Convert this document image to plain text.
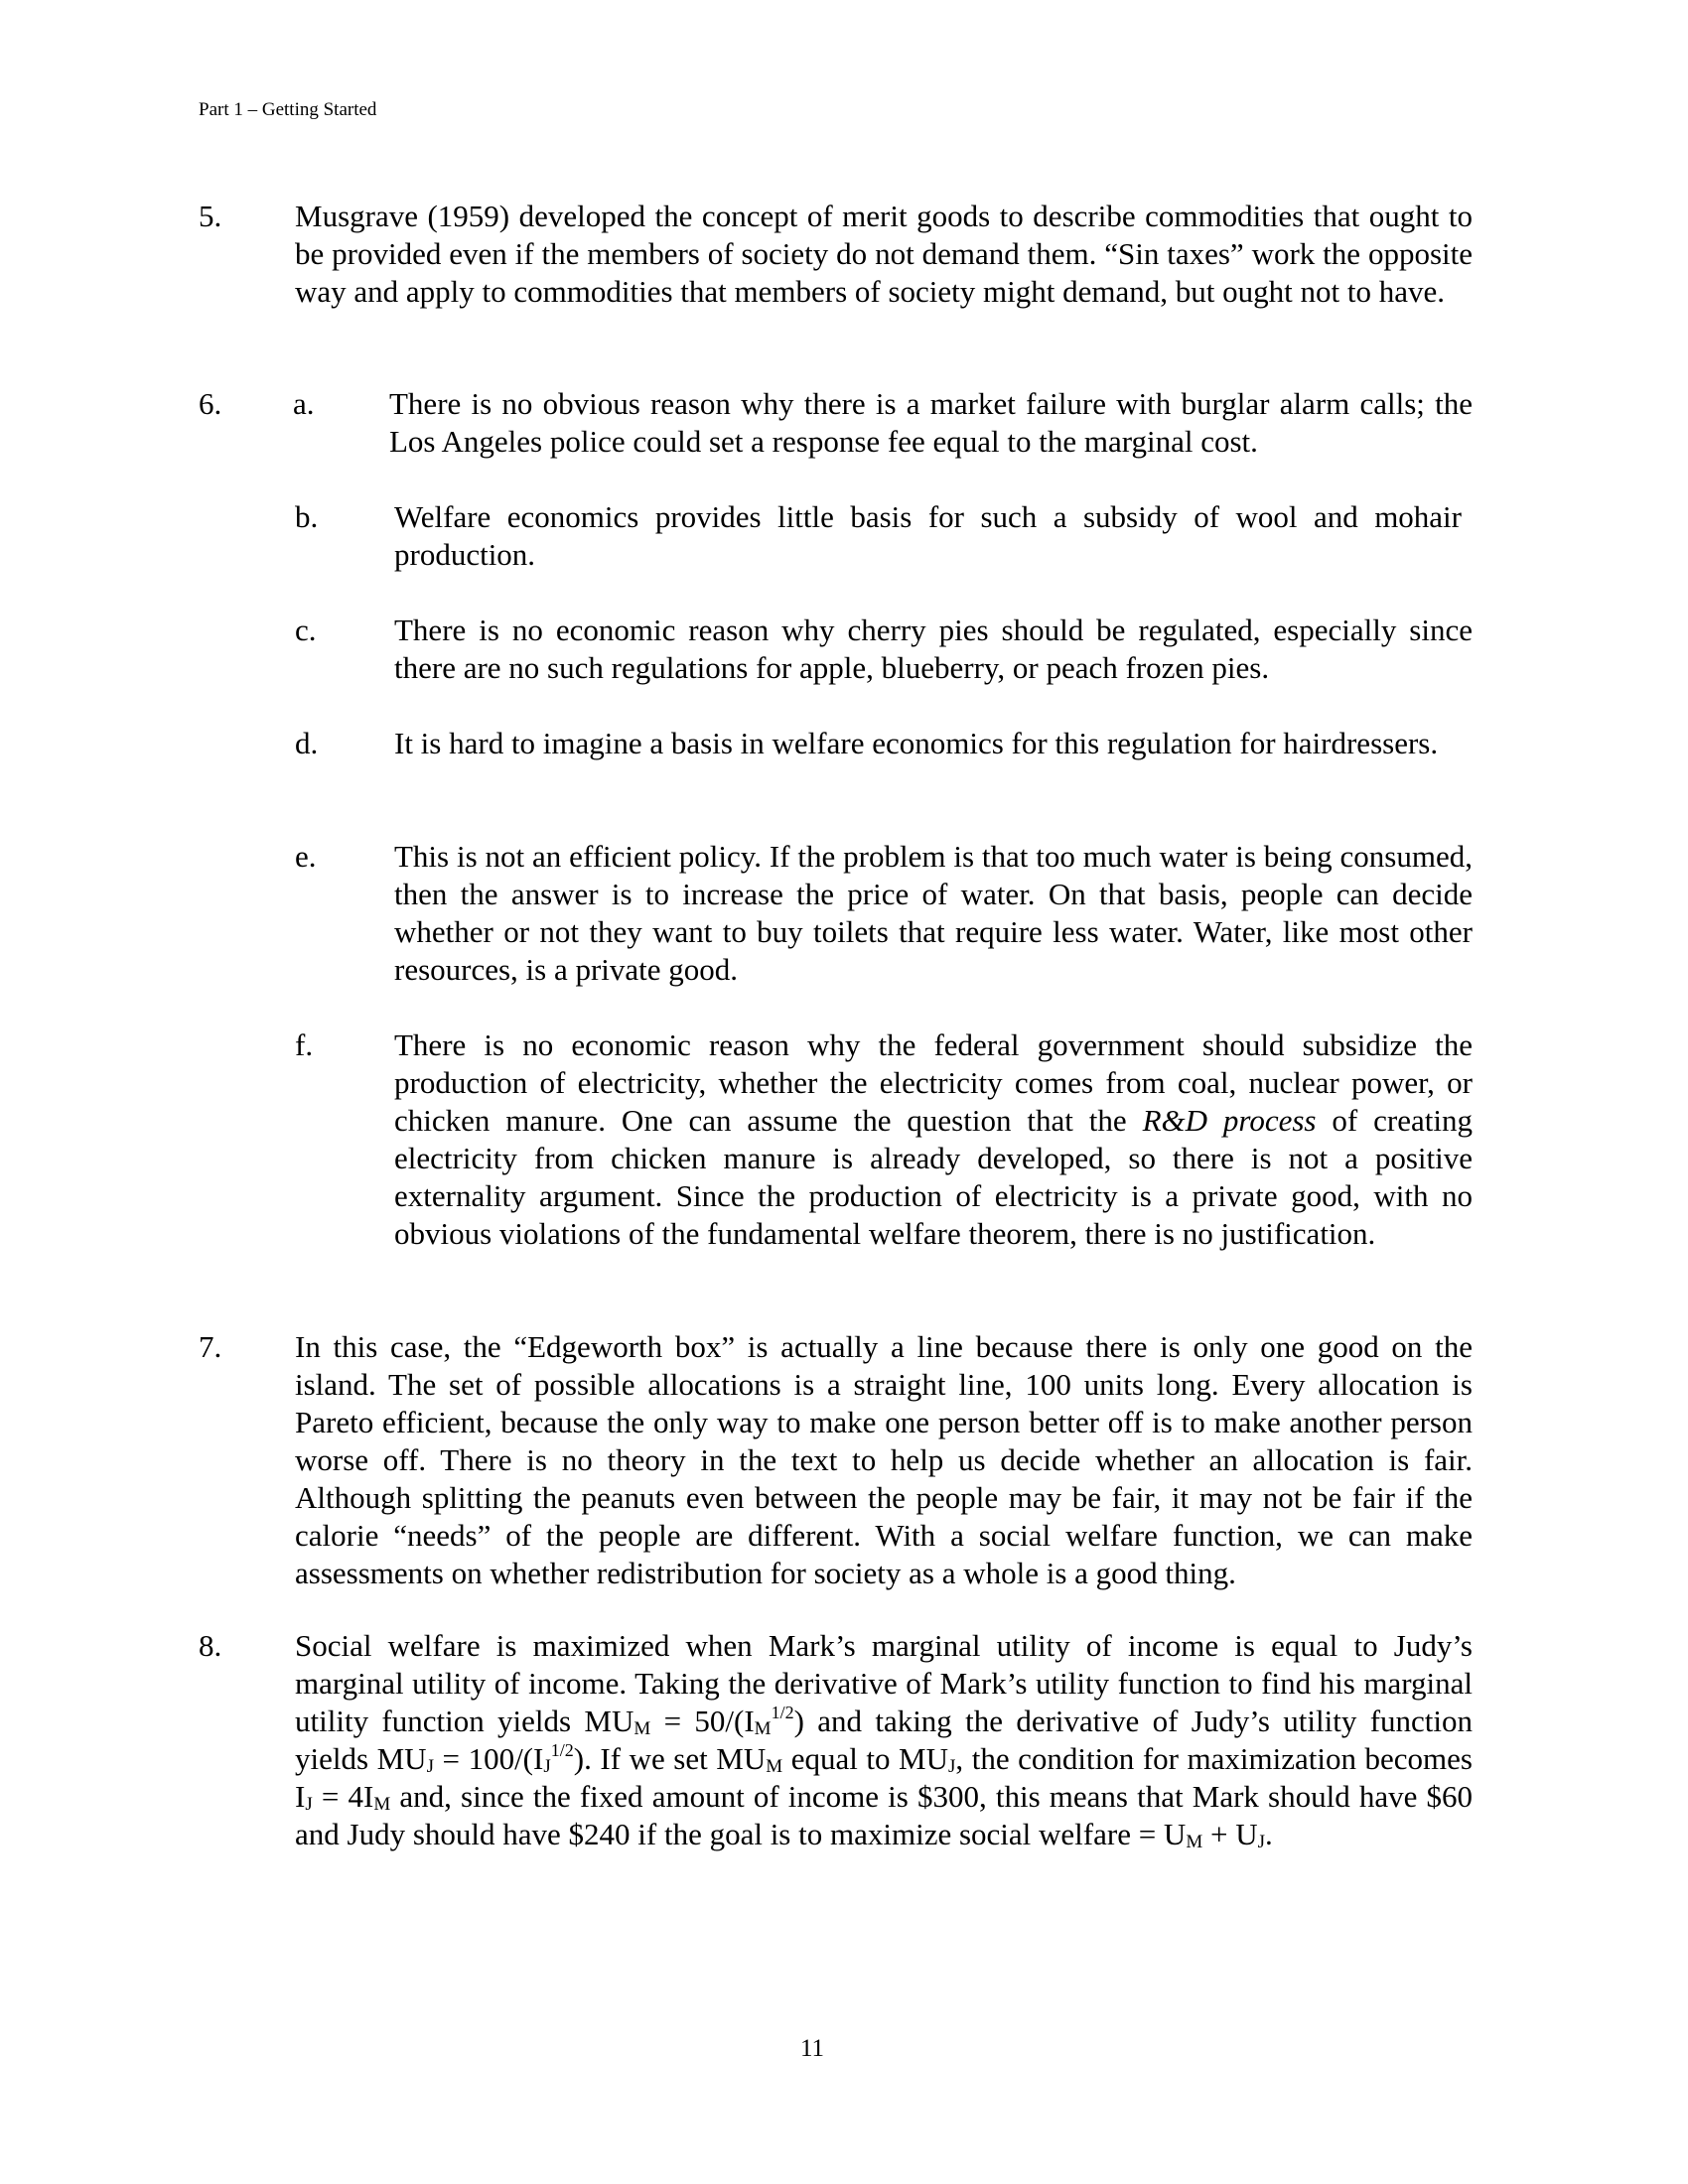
Part 1 – Getting Started
5. Musgrave (1959) developed the concept of merit goods to describe commodities that ought to be provided even if the members of society do not demand them. “Sin taxes” work the opposite way and apply to commodities that members of society might demand, but ought not to have.
6. a. There is no obvious reason why there is a market failure with burglar alarm calls; the Los Angeles police could set a response fee equal to the marginal cost.
b. Welfare economics provides little basis for such a subsidy of wool and mohair production.
c.	There is no economic reason why cherry pies should be regulated, especially since there are no such regulations for apple, blueberry, or peach frozen pies.
d. It is hard to imagine a basis in welfare economics for this regulation for hairdressers.
e.	This is not an efficient policy. If the problem is that too much water is being consumed, then the answer is to increase the price of water. On that basis, people can decide whether or not they want to buy toilets that require less water. Water, like most other resources, is a private good.
f.	There is no economic reason why the federal government should subsidize the production of electricity, whether the electricity comes from coal, nuclear power, or chicken manure. One can assume the question that the R&D process of creating electricity from chicken manure is already developed, so there is not a positive externality argument. Since the production of electricity is a private good, with no obvious violations of the fundamental welfare theorem, there is no justification.
7. In this case, the “Edgeworth box” is actually a line because there is only one good on the island. The set of possible allocations is a straight line, 100 units long. Every allocation is Pareto efficient, because the only way to make one person better off is to make another person worse off. There is no theory in the text to help us decide whether an allocation is fair. Although splitting the peanuts even between the people may be fair, it may not be fair if the calorie “needs” of the people are different. With a social welfare function, we can make assessments on whether redistribution for society as a whole is a good thing.
8. Social welfare is maximized when Mark’s marginal utility of income is equal to Judy’s marginal utility of income. Taking the derivative of Mark’s utility function to find his marginal utility function yields $MU_M = 50/(I_M^{1/2})$ and taking the derivative of Judy’s utility function yields $MU_J = 100/(I_J^{1/2})$. If we set $MU_M$ equal to $MU_J$, the condition for maximization becomes $I_J = 4I_M$ and, since the fixed amount of income is $300, this means that Mark should have $60 and Judy should have $240 if the goal is to maximize social welfare = $U_M + U_J$.
11
